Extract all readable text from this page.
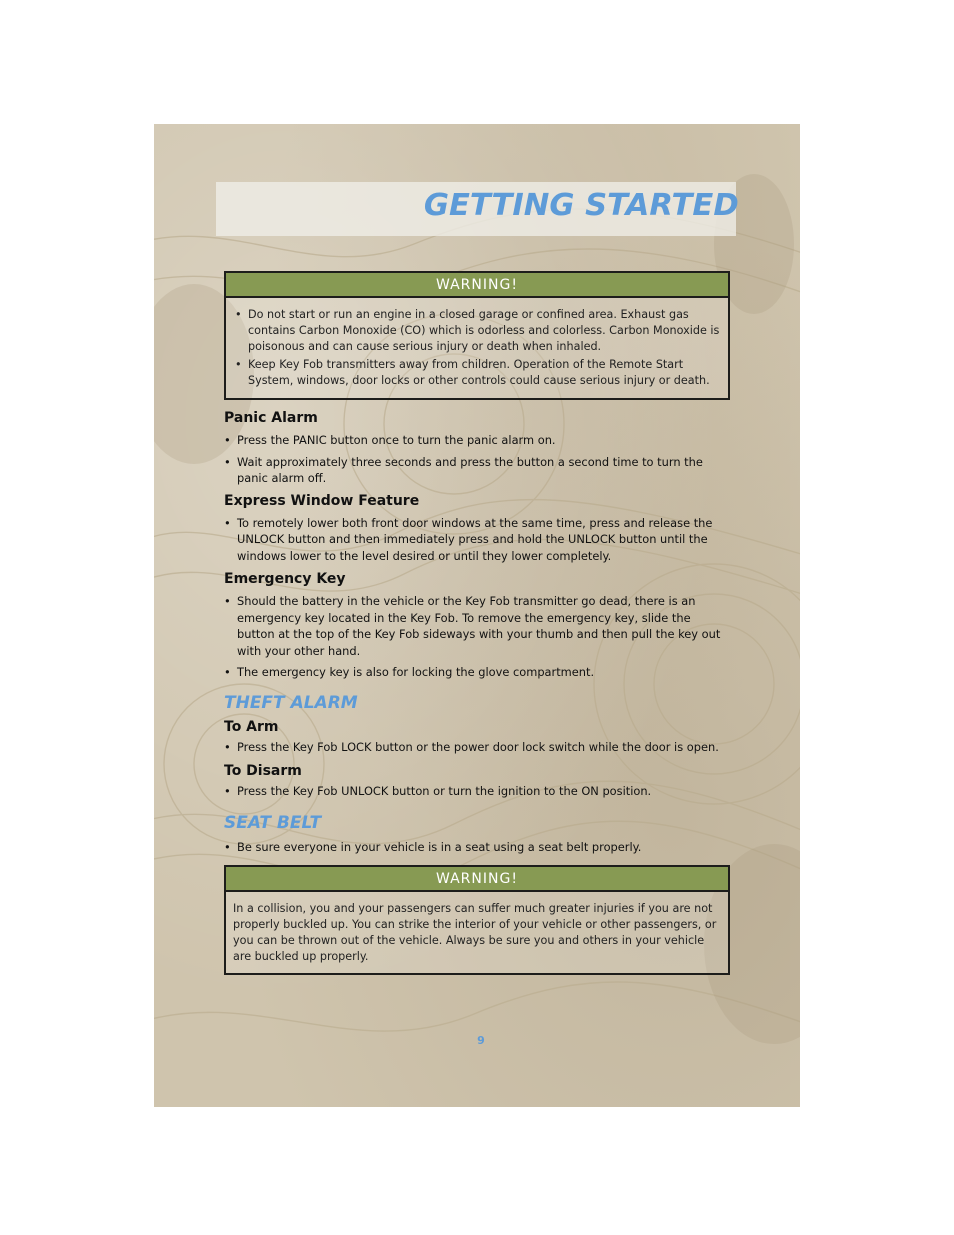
GETTING STARTED
WARNING!
• Do not start or run an engine in a closed garage or confined area. Exhaust gas contains Carbon Monoxide (CO) which is odorless and colorless. Carbon Monoxide is poisonous and can cause serious injury or death when inhaled.
• Keep Key Fob transmitters away from children. Operation of the Remote Start System, windows, door locks or other controls could cause serious injury or death.
Panic Alarm
• Press the PANIC button once to turn the panic alarm on.
• Wait approximately three seconds and press the button a second time to turn the panic alarm off.
Express Window Feature
• To remotely lower both front door windows at the same time, press and release the UNLOCK button and then immediately press and hold the UNLOCK button until the windows lower to the level desired or until they lower completely.
Emergency Key
• Should the battery in the vehicle or the Key Fob transmitter go dead, there is an emergency key located in the Key Fob. To remove the emergency key, slide the button at the top of the Key Fob sideways with your thumb and then pull the key out with your other hand.
• The emergency key is also for locking the glove compartment.
THEFT ALARM
To Arm
• Press the Key Fob LOCK button or the power door lock switch while the door is open.
To Disarm
• Press the Key Fob UNLOCK button or turn the ignition to the ON position.
SEAT BELT
• Be sure everyone in your vehicle is in a seat using a seat belt properly.
WARNING!
In a collision, you and your passengers can suffer much greater injuries if you are not properly buckled up. You can strike the interior of your vehicle or other passengers, or you can be thrown out of the vehicle. Always be sure you and others in your vehicle are buckled up properly.
9
